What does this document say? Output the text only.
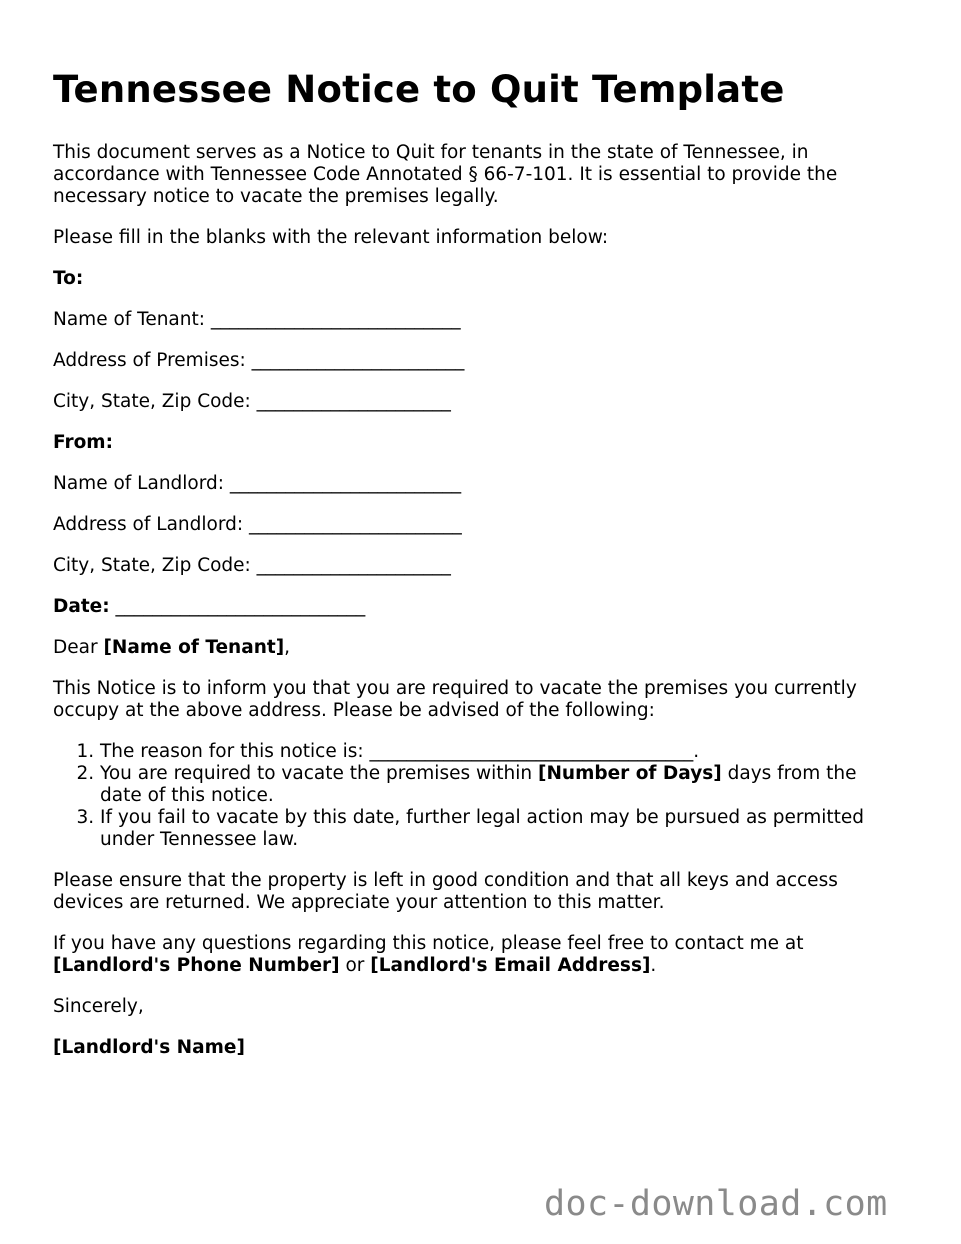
Tennessee Notice to Quit Template

This document serves as a Notice to Quit for tenants in the state of Tennessee, in accordance with Tennessee Code Annotated § 66-7-101. It is essential to provide the necessary notice to vacate the premises legally.

Please fill in the blanks with the relevant information below:

To:

Name of Tenant: ___________________________

Address of Premises: _______________________

City, State, Zip Code: _____________________

From:

Name of Landlord: _________________________

Address of Landlord: _______________________

City, State, Zip Code: _____________________

Date: ___________________________

Dear [Name of Tenant],

This Notice is to inform you that you are required to vacate the premises you currently occupy at the above address. Please be advised of the following:

1. The reason for this notice is: ___________________________________.
2. You are required to vacate the premises within [Number of Days] days from the date of this notice.
3. If you fail to vacate by this date, further legal action may be pursued as permitted under Tennessee law.

Please ensure that the property is left in good condition and that all keys and access devices are returned. We appreciate your attention to this matter.

If you have any questions regarding this notice, please feel free to contact me at [Landlord's Phone Number] or [Landlord's Email Address].

Sincerely,

[Landlord's Name]

doc-download.com
